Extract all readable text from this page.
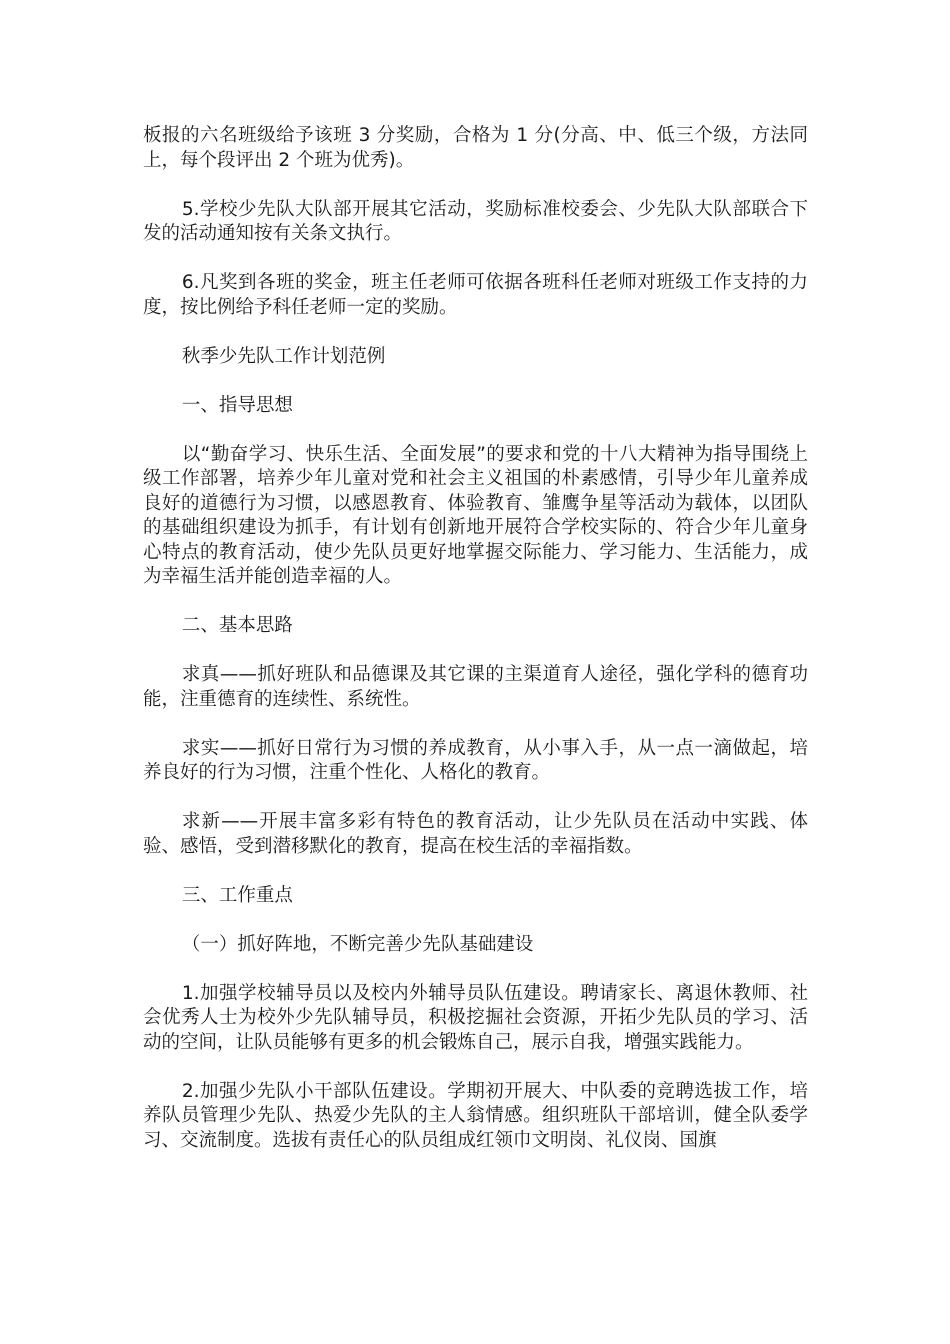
板报的六名班级给予该班 3 分奖励，合格为 1 分(分高、中、低三个级，方法同上，每个段评出 2 个班为优秀)。

5.学校少先队大队部开展其它活动，奖励标准校委会、少先队大队部联合下发的活动通知按有关条文执行。

6.凡奖到各班的奖金，班主任老师可依据各班科任老师对班级工作支持的力度，按比例给予科任老师一定的奖励。

秋季少先队工作计划范例

一、指导思想

以“勤奋学习、快乐生活、全面发展”的要求和党的十八大精神为指导围绕上级工作部署，培养少年儿童对党和社会主义祖国的朴素感情，引导少年儿童养成良好的道德行为习惯，以感恩教育、体验教育、雏鹰争星等活动为载体，以团队的基础组织建设为抓手，有计划有创新地开展符合学校实际的、符合少年儿童身心特点的教育活动，使少先队员更好地掌握交际能力、学习能力、生活能力，成为幸福生活并能创造幸福的人。

二、基本思路

求真——抓好班队和品德课及其它课的主渠道育人途径，强化学科的德育功能，注重德育的连续性、系统性。

求实——抓好日常行为习惯的养成教育，从小事入手，从一点一滴做起，培养良好的行为习惯，注重个性化、人格化的教育。

求新——开展丰富多彩有特色的教育活动，让少先队员在活动中实践、体验、感悟，受到潜移默化的教育，提高在校生活的幸福指数。

三、工作重点

（一）抓好阵地，不断完善少先队基础建设

1.加强学校辅导员以及校内外辅导员队伍建设。聘请家长、离退休教师、社会优秀人士为校外少先队辅导员，积极挖掘社会资源，开拓少先队员的学习、活动的空间，让队员能够有更多的机会锻炼自己，展示自我，增强实践能力。

2.加强少先队小干部队伍建设。学期初开展大、中队委的竞聘选拔工作，培养队员管理少先队、热爱少先队的主人翁情感。组织班队干部培训，健全队委学习、交流制度。选拔有责任心的队员组成红领巾文明岗、礼仪岗、国旗
